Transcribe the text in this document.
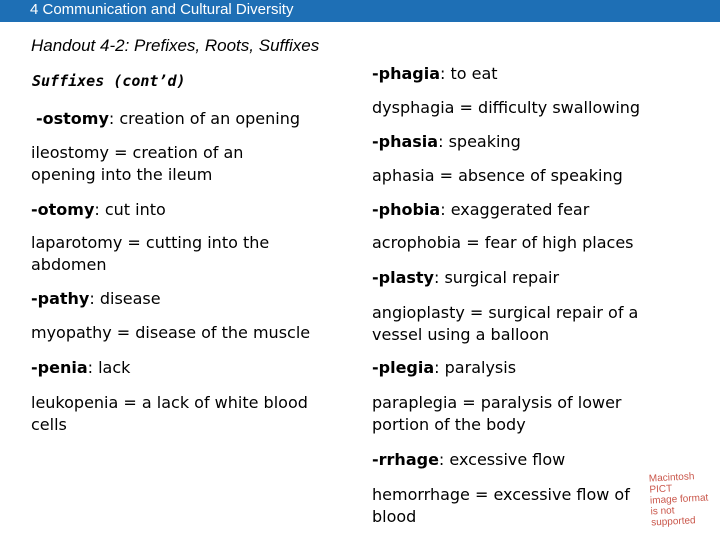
4 Communication and Cultural Diversity
Handout 4-2: Prefixes, Roots, Suffixes
Suffixes (cont’d)
-ostomy: creation of an opening
ileostomy = creation of an
opening into the ileum
-otomy: cut into
laparotomy = cutting into the
abdomen
-pathy: disease
myopathy = disease of the muscle
-penia: lack
leukopenia = a lack of white blood
cells
-phagia: to eat
dysphagia = difficulty swallowing
-phasia: speaking
aphasia = absence of speaking
-phobia: exaggerated fear
acrophobia = fear of high places
-plasty: surgical repair
angioplasty = surgical repair of a
vessel using a balloon
-plegia: paralysis
paraplegia = paralysis of lower
portion of the body
-rrhage: excessive flow
hemorrhage = excessive flow of
blood
Macintosh PICT
image format
is not supported
